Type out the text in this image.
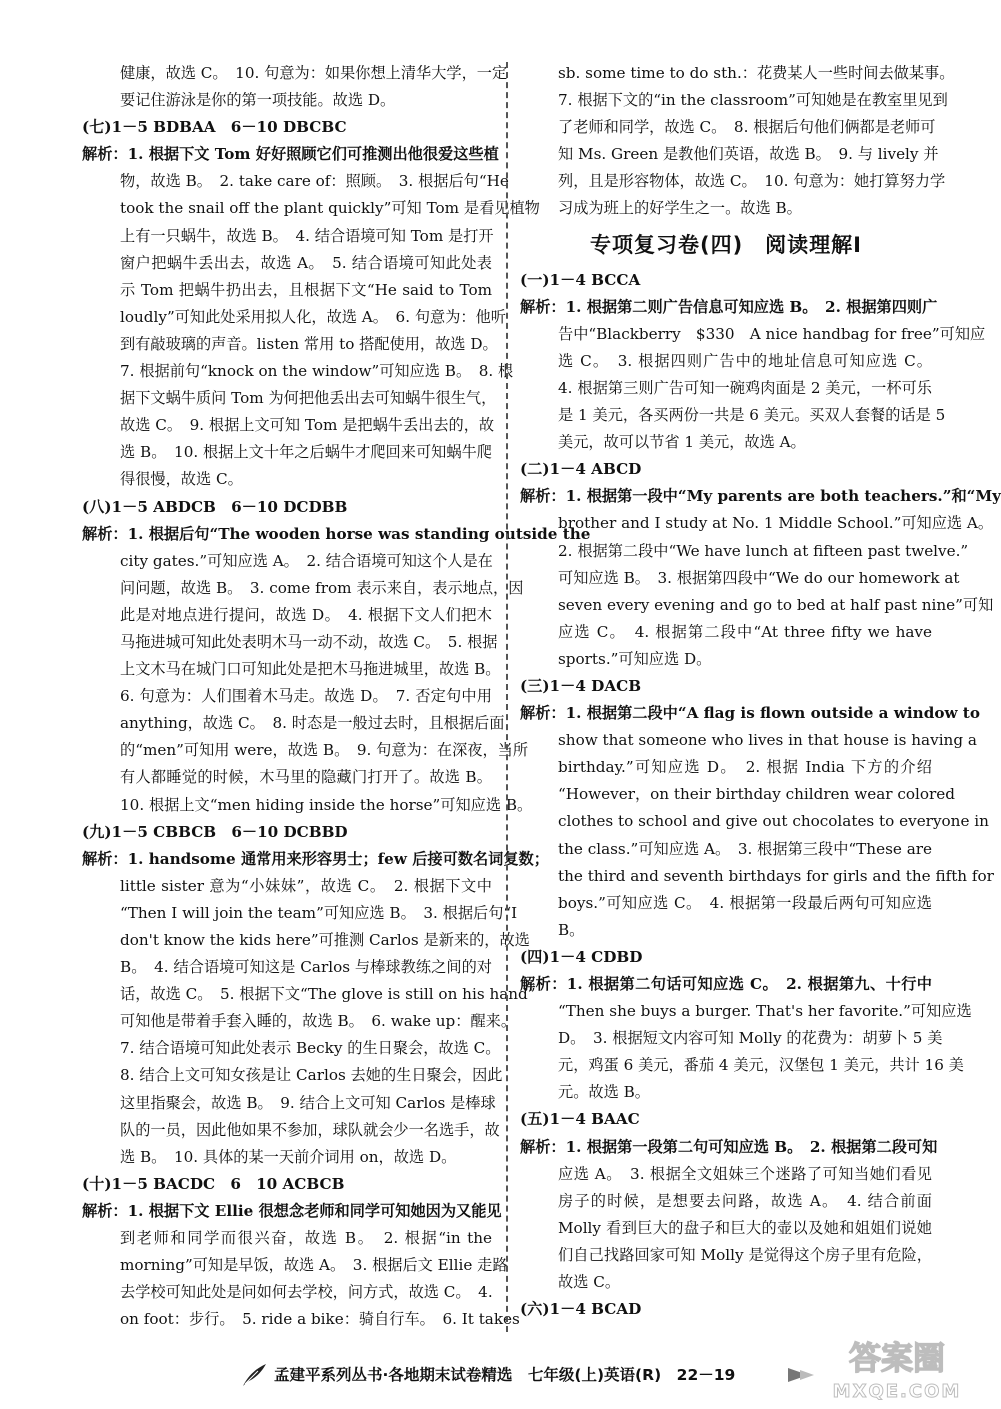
健康，故选 C。　10. 句意为：如果你想上清华大学，一定
要记住游泳是你的第一项技能。故选 D。
(七)1－5 BDBAA　6－10 DBCBC
解析：1. 根据下文 Tom 好好照顾它们可推测出他很爱这些植
物，故选 B。　2. take care of：照顾。　3. 根据后句“He
took the snail off the plant quickly”可知 Tom 是看见植物
上有一只蜗牛，故选 B。　4. 结合语境可知 Tom 是打开
窗户把蜗牛丢出去，故选 A。　5. 结合语境可知此处表
示 Tom 把蜗牛扔出去，且根据下文“He said to Tom
loudly”可知此处采用拟人化，故选 A。　6. 句意为：他听
到有敲玻璃的声音。listen 常用 to 搭配使用，故选 D。
7. 根据前句“knock on the window”可知应选 B。　8. 根
据下文蜗牛质问 Tom 为何把他丢出去可知蜗牛很生气，
故选 C。　9. 根据上文可知 Tom 是把蜗牛丢出去的，故
选 B。　10. 根据上文十年之后蜗牛才爬回来可知蜗牛爬
得很慢，故选 C。
(八)1－5 ABDCB　6－10 DCDBB
解析：1. 根据后句“The wooden horse was standing outside the
city gates.”可知应选 A。　2. 结合语境可知这个人是在
问问题，故选 B。　3. come from 表示来自，表示地点，因
此是对地点进行提问，故选 D。　4. 根据下文人们把木
马拖进城可知此处表明木马一动不动，故选 C。　5. 根据
上文木马在城门口可知此处是把木马拖进城里，故选 B。
6. 句意为：人们围着木马走。故选 D。　7. 否定句中用
anything，故选 C。　8. 时态是一般过去时，且根据后面
的“men”可知用 were，故选 B。　9. 句意为：在深夜，当所
有人都睡觉的时候，木马里的隐藏门打开了。故选 B。
10. 根据上文“men hiding inside the horse”可知应选 B。
(九)1－5 CBBCB　6－10 DCBBD
解析：1. handsome 通常用来形容男士；few 后接可数名词复数；
little sister 意为“小妹妹”，故选 C。　2. 根据下文中
“Then I will join the team”可知应选 B。　3. 根据后句“I
don't know the kids here”可推测 Carlos 是新来的，故选
B。　4. 结合语境可知这是 Carlos 与棒球教练之间的对
话，故选 C。　5. 根据下文“The glove is still on his hand”
可知他是带着手套入睡的，故选 B。　6. wake up：醒来。
7. 结合语境可知此处表示 Becky 的生日聚会，故选 C。
8. 结合上文可知女孩是让 Carlos 去她的生日聚会，因此
这里指聚会，故选 B。　9. 结合上文可知 Carlos 是棒球
队的一员，因此他如果不参加，球队就会少一名选手，故
选 B。　10. 具体的某一天前介词用 on，故选 D。
(十)1－5 BACDC　6　10 ACBCB
解析：1. 根据下文 Ellie 很想念老师和同学可知她因为又能见
到老师和同学而很兴奋，故选 B。　2. 根据“in the
morning”可知是早饭，故选 A。　3. 根据后文 Ellie 走路
去学校可知此处是问如何去学校，问方式，故选 C。　4.
on foot：步行。　5. ride a bike：骑自行车。　6. It takes
sb. some time to do sth.：花费某人一些时间去做某事。
7. 根据下文的“in the classroom”可知她是在教室里见到
了老师和同学，故选 C。　8. 根据后句他们俩都是老师可
知 Ms. Green 是教他们英语，故选 B。　9. 与 lively 并
列，且是形容物体，故选 C。　10. 句意为：她打算努力学
习成为班上的好学生之一。故选 B。
专项复习卷(四)　阅读理解Ⅰ
(一)1－4 BCCA
解析：1. 根据第二则广告信息可知应选 B。　2. 根据第四则广
告中“Blackberry　$330　A nice handbag for free”可知应
选 C。　3. 根据四则广告中的地址信息可知应选 C。
4. 根据第三则广告可知一碗鸡肉面是 2 美元，一杯可乐
是 1 美元，各买两份一共是 6 美元。买双人套餐的话是 5
美元，故可以节省 1 美元，故选 A。
(二)1－4 ABCD
解析：1. 根据第一段中“My parents are both teachers.”和“My
brother and I study at No. 1 Middle School.”可知应选 A。
2. 根据第二段中“We have lunch at fifteen past twelve.”
可知应选 B。　3. 根据第四段中“We do our homework at
seven every evening and go to bed at half past nine”可知
应选 C。　4. 根据第二段中“At three fifty we have
sports.”可知应选 D。
(三)1－4 DACB
解析：1. 根据第二段中“A flag is flown outside a window to
show that someone who lives in that house is having a
birthday.”可知应选 D。　2. 根据 India 下方的介绍
“However，on their birthday children wear colored
clothes to school and give out chocolates to everyone in
the class.”可知应选 A。　3. 根据第三段中“These are
the third and seventh birthdays for girls and the fifth for
boys.”可知应选 C。　4. 根据第一段最后两句可知应选
B。
(四)1－4 CDBD
解析：1. 根据第二句话可知应选 C。　2. 根据第九、十行中
“Then she buys a burger. That's her favorite.”可知应选
D。　3. 根据短文内容可知 Molly 的花费为：胡萝卜 5 美
元，鸡蛋 6 美元，番茄 4 美元，汉堡包 1 美元，共计 16 美
元。故选 B。
(五)1－4 BAAC
解析：1. 根据第一段第二句可知应选 B。　2. 根据第二段可知
应选 A。　3. 根据全文姐妹三个迷路了可知当她们看见
房子的时候，是想要去问路，故选 A。　4. 结合前面
Molly 看到巨大的盘子和巨大的壶以及她和姐姐们说她
们自己找路回家可知 Molly 是觉得这个房子里有危险，
故选 C。
(六)1－4 BCAD
孟建平系列丛书·各地期末试卷精选　七年级(上)英语(R)　22－19	答案圈
MXQE.COM
